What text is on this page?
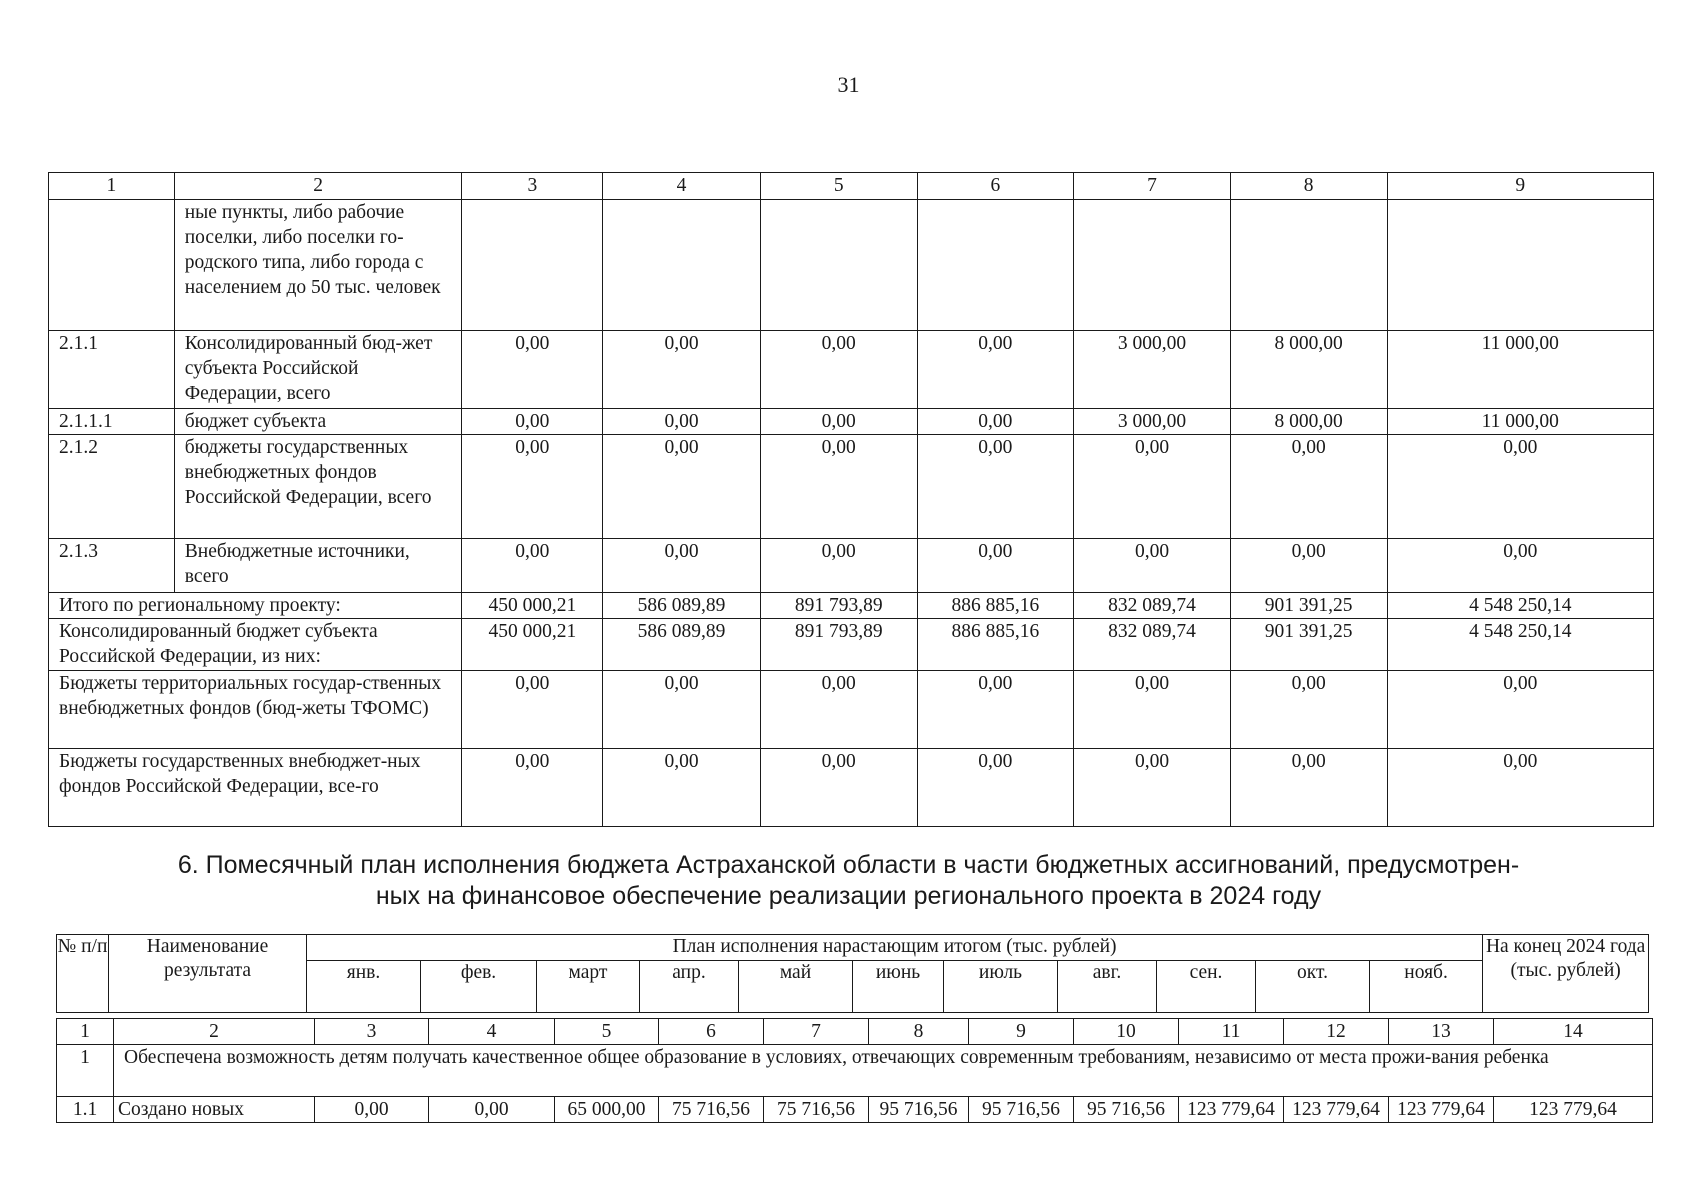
31
1	2	3	4	5	6	7	8	9
	ные пункты, либо рабочие поселки, либо поселки го-родского типа, либо города с населением до 50 тыс. человек							
2.1.1	Консолидированный бюд-жет субъекта Российской Федерации, всего	0,00	0,00	0,00	0,00	3 000,00	8 000,00	11 000,00
2.1.1.1	бюджет субъекта	0,00	0,00	0,00	0,00	3 000,00	8 000,00	11 000,00
2.1.2	бюджеты государственных внебюджетных фондов Российской Федерации, всего	0,00	0,00	0,00	0,00	0,00	0,00	0,00
2.1.3	Внебюджетные источники, всего	0,00	0,00	0,00	0,00	0,00	0,00	0,00
Итого по региональному проекту:		450 000,21	586 089,89	891 793,89	886 885,16	832 089,74	901 391,25	4 548 250,14
Консолидированный бюджет субъекта Российской Федерации, из них:		450 000,21	586 089,89	891 793,89	886 885,16	832 089,74	901 391,25	4 548 250,14
Бюджеты территориальных государ-ственных внебюджетных фондов (бюд-жеты ТФОМС)		0,00	0,00	0,00	0,00	0,00	0,00	0,00
Бюджеты государственных внебюджет-ных фондов Российской Федерации, все-го		0,00	0,00	0,00	0,00	0,00	0,00	0,00
6. Помесячный план исполнения бюджета Астраханской области в части бюджетных ассигнований, предусмотрен-
ных на финансовое обеспечение реализации регионального проекта в 2024 году
№ п/п	Наименование результата	План исполнения нарастающим итогом (тыс. рублей)											На конец 2024 года (тыс. рублей)
		янв.	фев.	март	апр.	май	июнь	июль	авг.	сен.	окт.	нояб.	
1	2	3	4	5	6	7	8	9	10	11	12	13	14
1	Обеспечена возможность детям получать качественное общее образование в условиях, отвечающих современным требованиям, независимо от места прожи-вания ребенка												
1.1	Создано новых	0,00	0,00	65 000,00	75 716,56	75 716,56	95 716,56	95 716,56	95 716,56	123 779,64	123 779,64	123 779,64	123 779,64
